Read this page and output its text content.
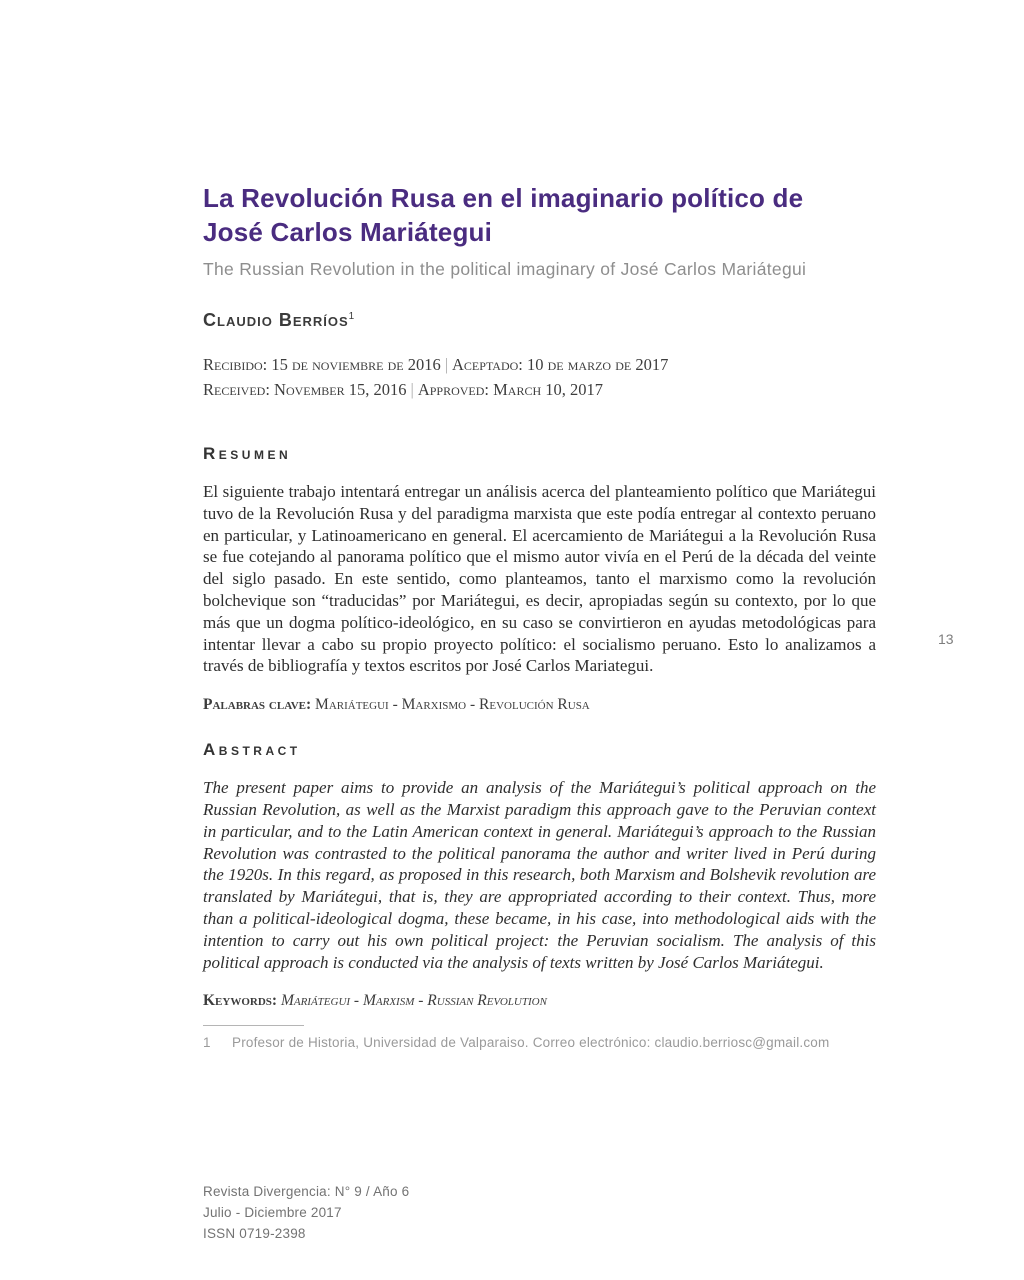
La Revolución Rusa en el imaginario político de José Carlos Mariátegui
The Russian Revolution in the political imaginary of José Carlos Mariátegui
Claudio Berríos$^1$
Recibido: 15 de noviembre de 2016 | Aceptado: 10 de marzo de 2017
Received: November 15, 2016 | Approved: March 10, 2017
Resumen

El siguiente trabajo intentará entregar un análisis acerca del planteamiento político que Mariátegui tuvo de la Revolución Rusa y del paradigma marxista que este podía entregar al contexto peruano en particular, y Latinoamericano en general. El acercamiento de Mariátegui a la Revolución Rusa se fue cotejando al panorama político que el mismo autor vivía en el Perú de la década del veinte del siglo pasado. En este sentido, como planteamos, tanto el marxismo como la revolución bolchevique son “traducidas” por Mariátegui, es decir, apropiadas según su contexto, por lo que más que un dogma político-ideológico, en su caso se convirtieron en ayudas metodológicas para intentar llevar a cabo su propio proyecto político: el socialismo peruano. Esto lo analizamos a través de bibliografía y textos escritos por José Carlos Mariategui.

Palabras clave: Mariátegui - Marxismo - Revolución Rusa

Abstract

The present paper aims to provide an analysis of the Mariátegui’s political approach on the Russian Revolution, as well as the Marxist paradigm this approach gave to the Peruvian context in particular, and to the Latin American context in general. Mariátegui’s approach to the Russian Revolution was contrasted to the political panorama the author and writer lived in Perú during the 1920s. In this regard, as proposed in this research, both Marxism and Bolshevik revolution are translated by Mariátegui, that is, they are appropriated according to their context. Thus, more than a political-ideological dogma, these became, in his case, into methodological aids with the intention to carry out his own political project: the Peruvian socialism. The analysis of this political approach is conducted via the analysis of texts written by José Carlos Mariátegui.

Keywords: Mariátegui - Marxism - Russian Revolution

1 Profesor de Historia, Universidad de Valparaiso. Correo electrónico: claudio.berriosc@gmail.com
Revista Divergencia: N° 9 / Año 6
Julio - Diciembre 2017
ISSN 0719-2398
13
